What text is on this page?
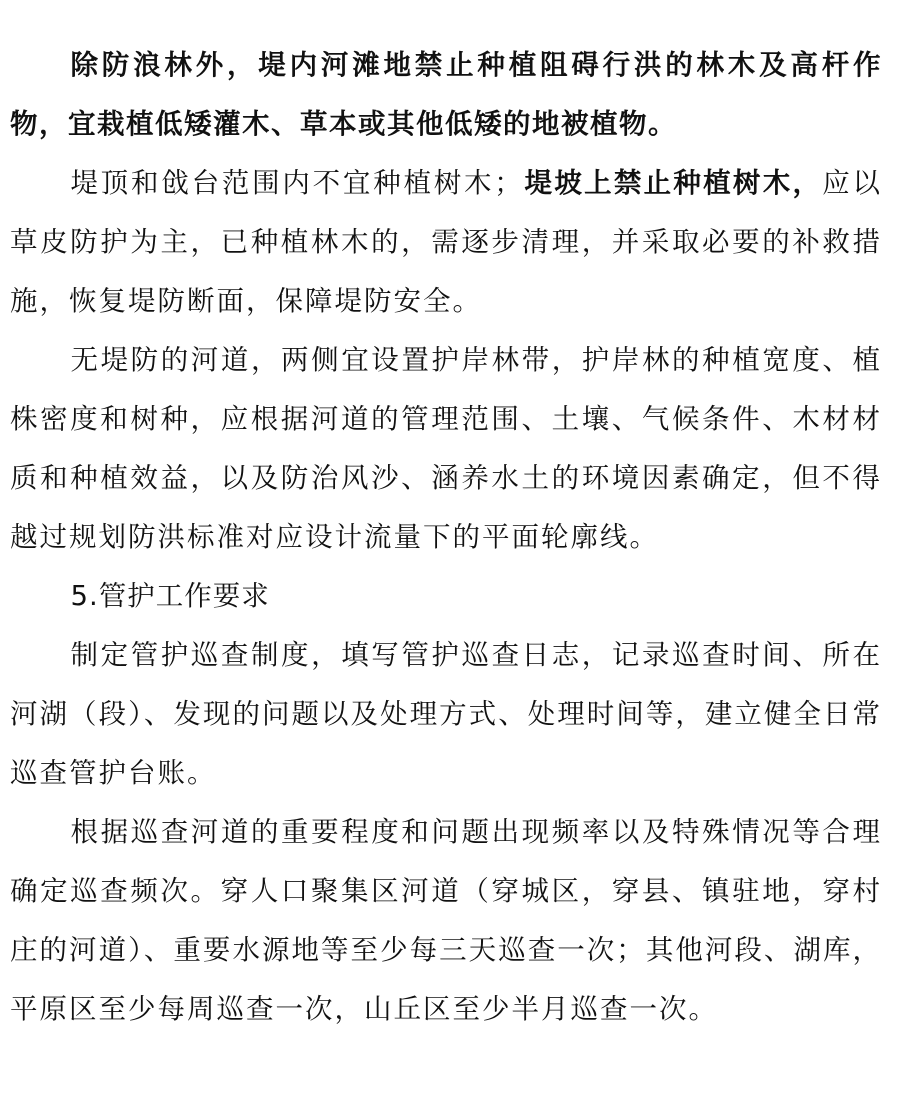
除防浪林外，堤内河滩地禁止种植阻碍行洪的林木及高杆作物，宜栽植低矮灌木、草本或其他低矮的地被植物。

堤顶和戗台范围内不宜种植树木；堤坡上禁止种植树木，应以草皮防护为主，已种植林木的，需逐步清理，并采取必要的补救措施，恢复堤防断面，保障堤防安全。

无堤防的河道，两侧宜设置护岸林带，护岸林的种植宽度、植株密度和树种，应根据河道的管理范围、土壤、气候条件、木材材质和种植效益，以及防治风沙、涵养水土的环境因素确定，但不得越过规划防洪标准对应设计流量下的平面轮廓线。

5.管护工作要求

制定管护巡查制度，填写管护巡查日志，记录巡查时间、所在河湖（段）、发现的问题以及处理方式、处理时间等，建立健全日常巡查管护台账。

根据巡查河道的重要程度和问题出现频率以及特殊情况等合理确定巡查频次。穿人口聚集区河道（穿城区，穿县、镇驻地，穿村庄的河道）、重要水源地等至少每三天巡查一次；其他河段、湖库，平原区至少每周巡查一次，山丘区至少半月巡查一次。
